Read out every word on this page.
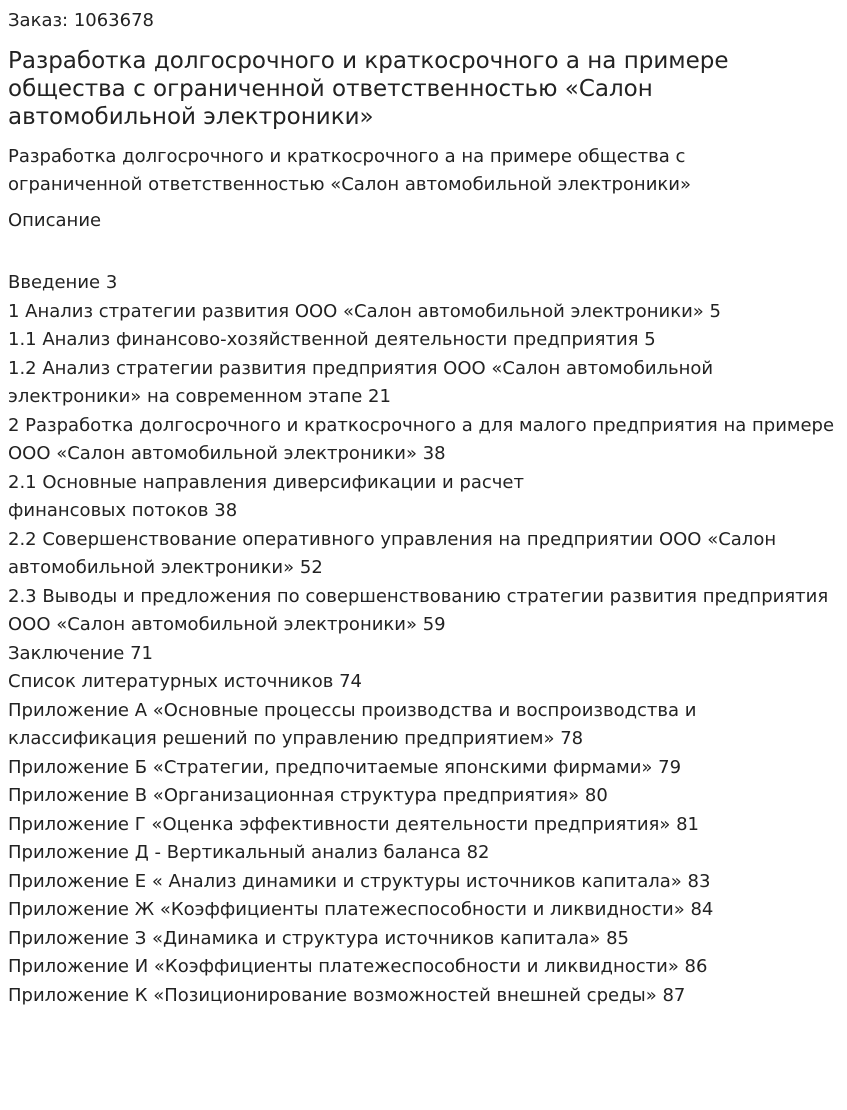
Заказ: 1063678
Разработка долгосрочного и краткосрочного а на примере общества с ограниченной ответственностью «Салон автомобильной электроники»
Разработка долгосрочного и краткосрочного а на примере общества с ограниченной ответственностью «Салон автомобильной электроники»
Описание
Введение 3
1 Анализ стратегии развития ООО «Салон автомобильной электроники» 5
1.1 Анализ финансово-хозяйственной деятельности предприятия 5
1.2 Анализ стратегии развития предприятия ООО «Салон автомобильной электроники» на современном этапе 21
2 Разработка долгосрочного и краткосрочного а для малого предприятия на примере ООО «Салон автомобильной электроники» 38
2.1 Основные направления диверсификации и расчет
финансовых потоков 38
2.2 Совершенствование оперативного управления на предприятии ООО «Салон автомобильной электроники» 52
2.3 Выводы и предложения по совершенствованию стратегии развития предприятия ООО «Салон автомобильной электроники» 59
Заключение 71
Список литературных источников 74
Приложение А «Основные процессы производства и воспроизводства и классификация решений по управлению предприятием» 78
Приложение Б «Стратегии, предпочитаемые японскими фирмами» 79
Приложение В «Организационная структура предприятия» 80
Приложение Г «Оценка эффективности деятельности предприятия» 81
Приложение Д - Вертикальный анализ баланса 82
Приложение Е « Анализ динамики и структуры источников капитала» 83
Приложение Ж «Коэффициенты платежеспособности и ликвидности» 84
Приложение З «Динамика и структура источников капитала» 85
Приложение И «Коэффициенты платежеспособности и ликвидности» 86
Приложение К «Позиционирование возможностей внешней среды» 87
